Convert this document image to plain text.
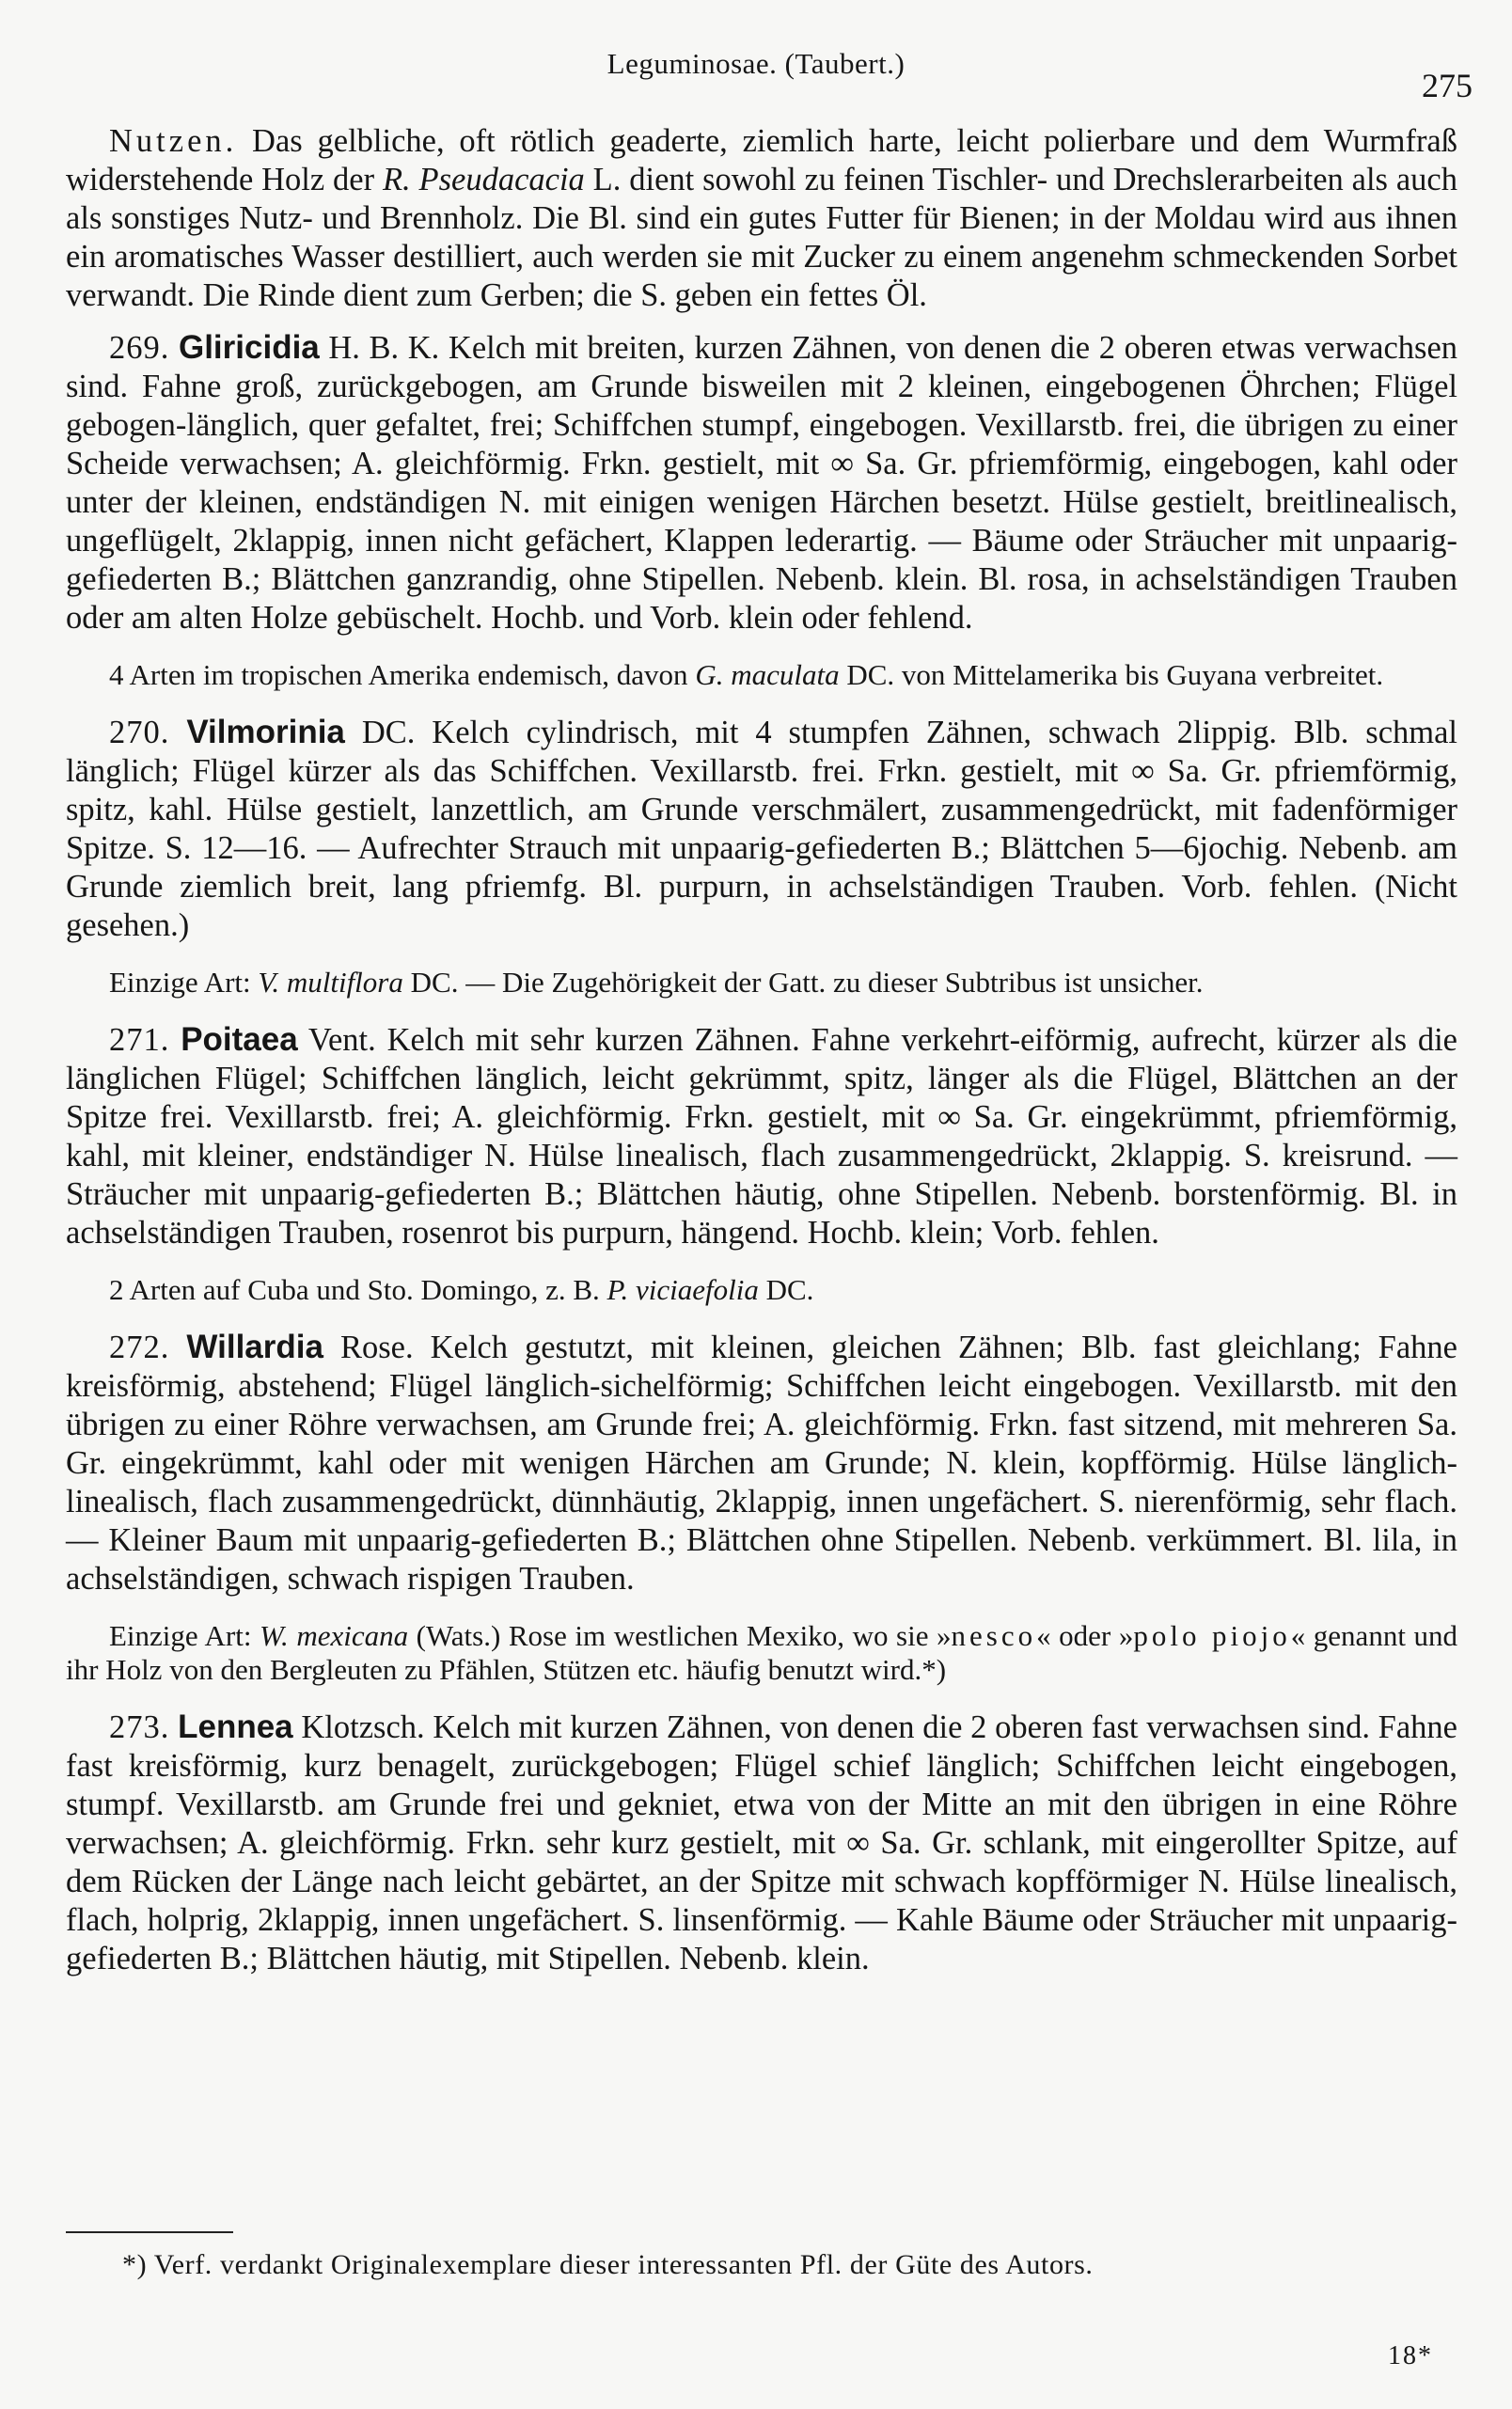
Leguminosae. (Taubert.)
275

Nutzen. Das gelbliche, oft rötlich geaderte, ziemlich harte, leicht polierbare und dem Wurmfraß widerstehende Holz der R. Pseudacacia L. dient sowohl zu feinen Tischler- und Drechslerarbeiten als auch als sonstiges Nutz- und Brennholz. Die Bl. sind ein gutes Futter für Bienen; in der Moldau wird aus ihnen ein aromatisches Wasser destilliert, auch werden sie mit Zucker zu einem angenehm schmeckenden Sorbet verwandt. Die Rinde dient zum Gerben; die S. geben ein fettes Öl.

269. Gliricidia H. B. K. Kelch mit breiten, kurzen Zähnen, von denen die 2 oberen etwas verwachsen sind. Fahne groß, zurückgebogen, am Grunde bisweilen mit 2 kleinen, eingebogenen Öhrchen; Flügel gebogen-länglich, quer gefaltet, frei; Schiffchen stumpf, eingebogen. Vexillarstb. frei, die übrigen zu einer Scheide verwachsen; A. gleichförmig. Frkn. gestielt, mit ∞ Sa. Gr. pfriemförmig, eingebogen, kahl oder unter der kleinen, endständigen N. mit einigen wenigen Härchen besetzt. Hülse gestielt, breitlinealisch, ungeflügelt, 2klappig, innen nicht gefächert, Klappen lederartig. — Bäume oder Sträucher mit unpaarig-gefiederten B.; Blättchen ganzrandig, ohne Stipellen. Nebenb. klein. Bl. rosa, in achselständigen Trauben oder am alten Holze gebüschelt. Hochb. und Vorb. klein oder fehlend.

4 Arten im tropischen Amerika endemisch, davon G. maculata DC. von Mittelamerika bis Guyana verbreitet.

270. Vilmorinia DC. Kelch cylindrisch, mit 4 stumpfen Zähnen, schwach 2lippig. Blb. schmal länglich; Flügel kürzer als das Schiffchen. Vexillarstb. frei. Frkn. gestielt, mit ∞ Sa. Gr. pfriemförmig, spitz, kahl. Hülse gestielt, lanzettlich, am Grunde verschmälert, zusammengedrückt, mit fadenförmiger Spitze. S. 12—16. — Aufrechter Strauch mit unpaarig-gefiederten B.; Blättchen 5—6jochig. Nebenb. am Grunde ziemlich breit, lang pfriemfg. Bl. purpurn, in achselständigen Trauben. Vorb. fehlen. (Nicht gesehen.)

Einzige Art: V. multiflora DC. — Die Zugehörigkeit der Gatt. zu dieser Subtribus ist unsicher.

271. Poitaea Vent. Kelch mit sehr kurzen Zähnen. Fahne verkehrt-eiförmig, aufrecht, kürzer als die länglichen Flügel; Schiffchen länglich, leicht gekrümmt, spitz, länger als die Flügel, Blättchen an der Spitze frei. Vexillarstb. frei; A. gleichförmig. Frkn. gestielt, mit ∞ Sa. Gr. eingekrümmt, pfriemförmig, kahl, mit kleiner, endständiger N. Hülse linealisch, flach zusammengedrückt, 2klappig. S. kreisrund. — Sträucher mit unpaarig-gefiederten B.; Blättchen häutig, ohne Stipellen. Nebenb. borstenförmig. Bl. in achselständigen Trauben, rosenrot bis purpurn, hängend. Hochb. klein; Vorb. fehlen.

2 Arten auf Cuba und Sto. Domingo, z. B. P. viciaefolia DC.

272. Willardia Rose. Kelch gestutzt, mit kleinen, gleichen Zähnen; Blb. fast gleichlang; Fahne kreisförmig, abstehend; Flügel länglich-sichelförmig; Schiffchen leicht eingebogen. Vexillarstb. mit den übrigen zu einer Röhre verwachsen, am Grunde frei; A. gleichförmig. Frkn. fast sitzend, mit mehreren Sa. Gr. eingekrümmt, kahl oder mit wenigen Härchen am Grunde; N. klein, kopfförmig. Hülse länglich-linealisch, flach zusammengedrückt, dünnhäutig, 2klappig, innen ungefächert. S. nierenförmig, sehr flach. — Kleiner Baum mit unpaarig-gefiederten B.; Blättchen ohne Stipellen. Nebenb. verkümmert. Bl. lila, in achselständigen, schwach rispigen Trauben.

Einzige Art: W. mexicana (Wats.) Rose im westlichen Mexiko, wo sie »nesco« oder »polo piojo« genannt und ihr Holz von den Bergleuten zu Pfählen, Stützen etc. häufig benutzt wird.*)

273. Lennea Klotzsch. Kelch mit kurzen Zähnen, von denen die 2 oberen fast verwachsen sind. Fahne fast kreisförmig, kurz benagelt, zurückgebogen; Flügel schief länglich; Schiffchen leicht eingebogen, stumpf. Vexillarstb. am Grunde frei und gekniet, etwa von der Mitte an mit den übrigen in eine Röhre verwachsen; A. gleichförmig. Frkn. sehr kurz gestielt, mit ∞ Sa. Gr. schlank, mit eingerollter Spitze, auf dem Rücken der Länge nach leicht gebärtet, an der Spitze mit schwach kopfförmiger N. Hülse linealisch, flach, holprig, 2klappig, innen ungefächert. S. linsenförmig. — Kahle Bäume oder Sträucher mit unpaarig-gefiederten B.; Blättchen häutig, mit Stipellen. Nebenb. klein.

*) Verf. verdankt Originalexemplare dieser interessanten Pfl. der Güte des Autors.
18*
